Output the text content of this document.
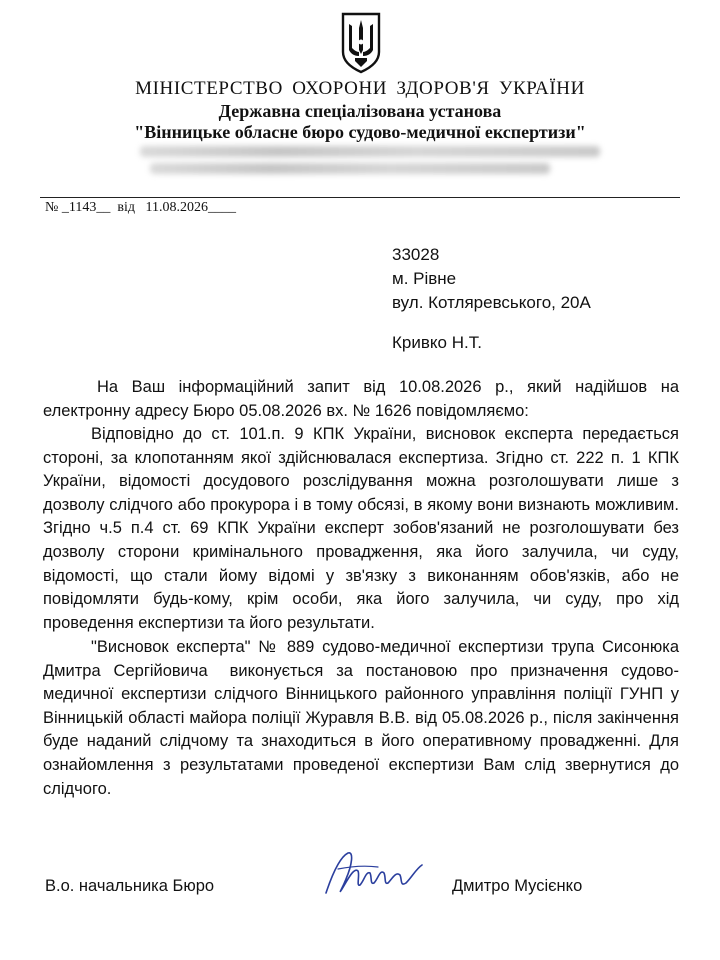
МІНІСТЕРСТВО ОХОРОНИ ЗДОРОВ'Я УКРАЇНИ
Державна спеціалізована установа
"Вінницьке обласне бюро судово-медичної експертизи"
№ _1143__ від 11.08.2026____
33028
м. Рівне
вул. Котляревського, 20А
Кривко Н.Т.
На Ваш інформаційний запит від 10.08.2026 р., який надійшов на електронну адресу Бюро 05.08.2026 вх. № 1626 повідомляємо:
Відповідно до ст. 101.п. 9 КПК України, висновок експерта передається стороні, за клопотанням якої здійснювалася експертиза. Згідно ст. 222 п. 1 КПК України, відомості досудового розслідування можна розголошувати лише з дозволу слідчого або прокурора і в тому обсязі, в якому вони визнають можливим. Згідно ч.5 п.4 ст. 69 КПК України експерт зобов'язаний не розголошувати без дозволу сторони кримінального провадження, яка його залучила, чи суду, відомості, що стали йому відомі у зв'язку з виконанням обов'язків, або не повідомляти будь-кому, крім особи, яка його залучила, чи суду, про хід проведення експертизи та його результати.
"Висновок експерта" № 889 судово-медичної експертизи трупа Сисонюка Дмитра Сергійовича виконується за постановою про призначення судово-медичної експертизи слідчого Вінницького районного управління поліції ГУНП у Вінницькій області майора поліції Журавля В.В. від 05.08.2026 р., після закінчення буде наданий слідчому та знаходиться в його оперативному провадженні. Для ознайомлення з результатами проведеної експертизи Вам слід звернутися до слідчого.
В.о. начальника Бюро	Дмитро Мусієнко
